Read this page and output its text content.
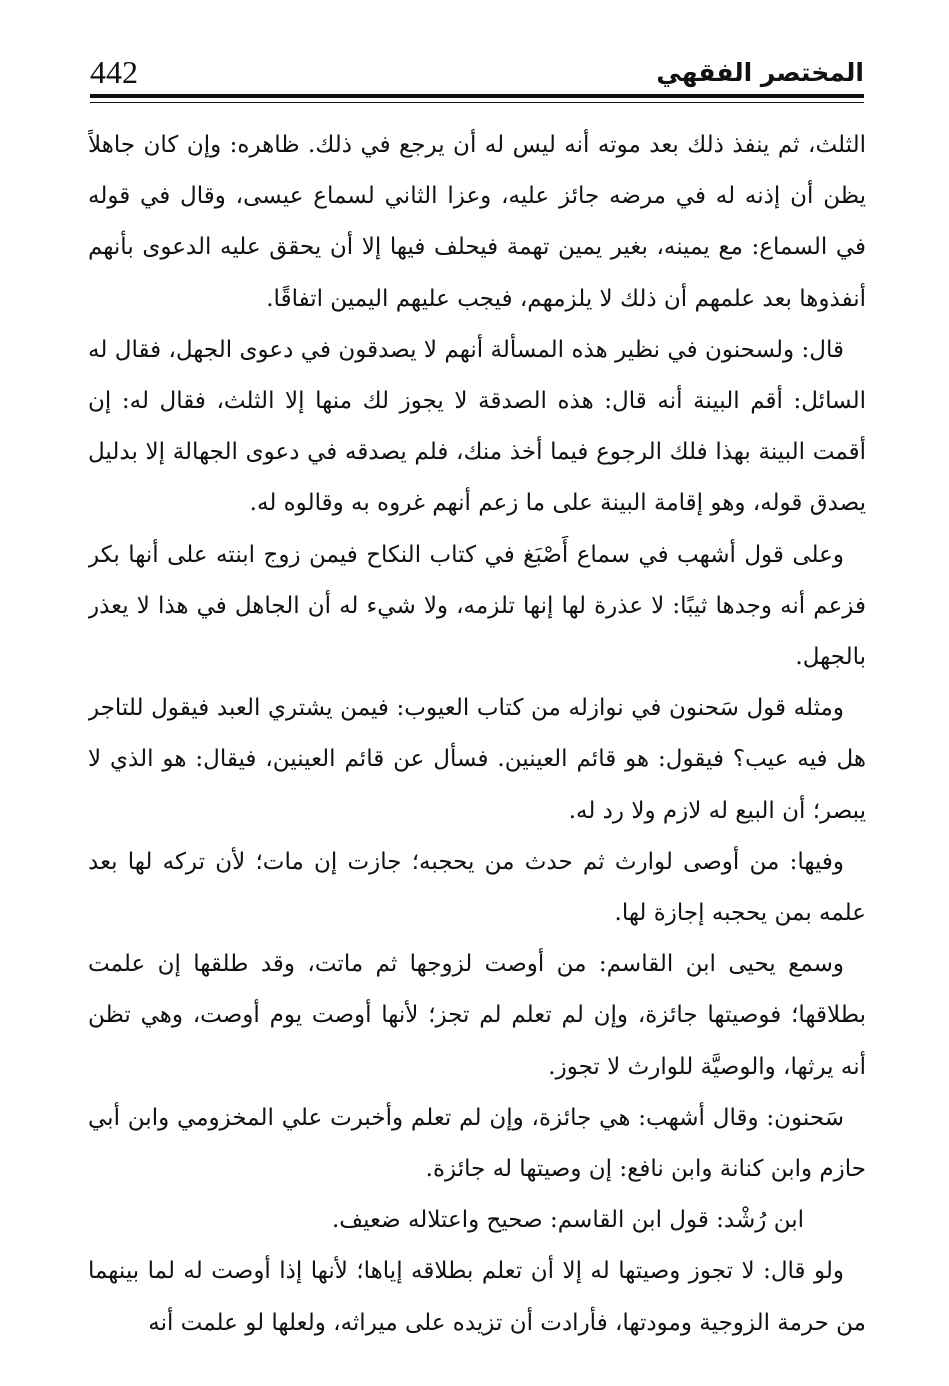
442	المختصر الفقهي

الثلث، ثم ينفذ ذلك بعد موته أنه ليس له أن يرجع في ذلك. ظاهره: وإن كان جاهلاً يظن أن إذنه له في مرضه جائز عليه، وعزا الثاني لسماع عيسى، وقال في قوله في السماع: مع يمينه، بغير يمين تهمة فيحلف فيها إلا أن يحقق عليه الدعوى بأنهم أنفذوها بعد علمهم أن ذلك لا يلزمهم، فيجب عليهم اليمين اتفاقًا.

قال: ولسحنون في نظير هذه المسألة أنهم لا يصدقون في دعوى الجهل، فقال له السائل: أقم البينة أنه قال: هذه الصدقة لا يجوز لك منها إلا الثلث، فقال له: إن أقمت البينة بهذا فلك الرجوع فيما أخذ منك، فلم يصدقه في دعوى الجهالة إلا بدليل يصدق قوله، وهو إقامة البينة على ما زعم أنهم غروه به وقالوه له.

وعلى قول أشهب في سماع أَصْبَغ في كتاب النكاح فيمن زوج ابنته على أنها بكر فزعم أنه وجدها ثيبًا: لا عذرة لها إنها تلزمه، ولا شيء له أن الجاهل في هذا لا يعذر بالجهل.

ومثله قول سَحنون في نوازله من كتاب العيوب: فيمن يشتري العبد فيقول للتاجر هل فيه عيب؟ فيقول: هو قائم العينين. فسأل عن قائم العينين، فيقال: هو الذي لا يبصر؛ أن البيع له لازم ولا رد له.

وفيها: من أوصى لوارث ثم حدث من يحجبه؛ جازت إن مات؛ لأن تركه لها بعد علمه بمن يحجبه إجازة لها.

وسمع يحيى ابن القاسم: من أوصت لزوجها ثم ماتت، وقد طلقها إن علمت بطلاقها؛ فوصيتها جائزة، وإن لم تعلم لم تجز؛ لأنها أوصت يوم أوصت، وهي تظن أنه يرثها، والوصيَّة للوارث لا تجوز.

سَحنون: وقال أشهب: هي جائزة، وإن لم تعلم وأخبرت علي المخزومي وابن أبي حازم وابن كنانة وابن نافع: إن وصيتها له جائزة.

ابن رُشْد: قول ابن القاسم: صحيح واعتلاله ضعيف.

ولو قال: لا تجوز وصيتها له إلا أن تعلم بطلاقه إياها؛ لأنها إذا أوصت له لما بينهما من حرمة الزوجية ومودتها، فأرادت أن تزيده على ميراثه، ولعلها لو علمت أنه
